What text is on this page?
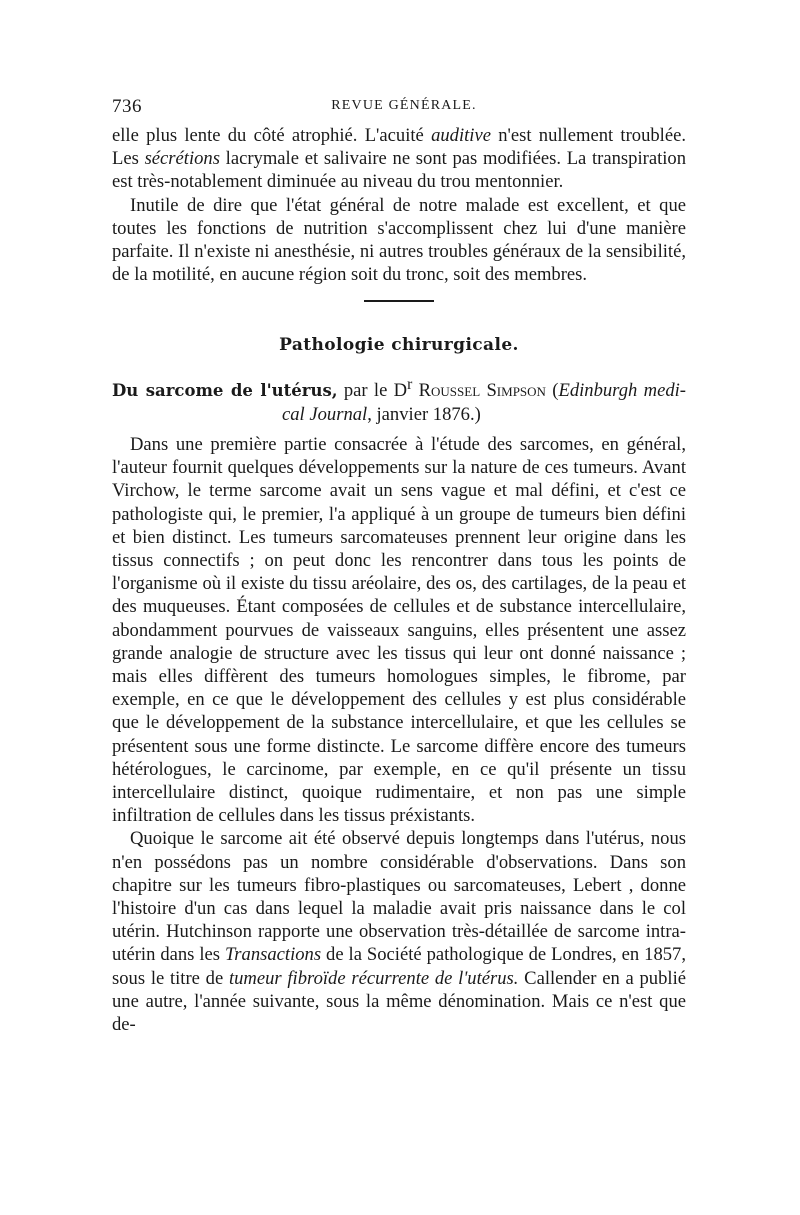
736	REVUE GÉNÉRALE.

elle plus lente du côté atrophié. L'acuité auditive n'est nullement troublée. Les sécrétions lacrymale et salivaire ne sont pas modifiées. La transpiration est très-notablement diminuée au niveau du trou mentonnier.

Inutile de dire que l'état général de notre malade est excellent, et que toutes les fonctions de nutrition s'accomplissent chez lui d'une manière parfaite. Il n'existe ni anesthésie, ni autres troubles généraux de la sensibilité, de la motilité, en aucune région soit du tronc, soit des membres.

Pathologie chirurgicale.
Du sarcome de l'utérus, par le $D^r$ Roussel Simpson (Edinburgh medi-
cal Journal, janvier 1876.)

Dans une première partie consacrée à l'étude des sarcomes, en général, l'auteur fournit quelques développements sur la nature de ces tumeurs. Avant Virchow, le terme sarcome avait un sens vague et mal défini, et c'est ce pathologiste qui, le premier, l'a appliqué à un groupe de tumeurs bien défini et bien distinct. Les tumeurs sarcomateuses prennent leur origine dans les tissus connectifs ; on peut donc les rencontrer dans tous les points de l'organisme où il existe du tissu aréolaire, des os, des cartilages, de la peau et des muqueuses. Étant composées de cellules et de substance intercellulaire, abondamment pourvues de vaisseaux sanguins, elles présentent une assez grande analogie de structure avec les tissus qui leur ont donné naissance ; mais elles diffèrent des tumeurs homologues simples, le fibrome, par exemple, en ce que le développement des cellules y est plus considérable que le développement de la substance intercellulaire, et que les cellules se présentent sous une forme distincte. Le sarcome diffère encore des tumeurs hétérologues, le carcinome, par exemple, en ce qu'il présente un tissu intercellulaire distinct, quoique rudimentaire, et non pas une simple infiltration de cellules dans les tissus préxistants.

Quoique le sarcome ait été observé depuis longtemps dans l'utérus, nous n'en possédons pas un nombre considérable d'observations. Dans son chapitre sur les tumeurs fibro-plastiques ou sarcomateuses, Lebert , donne l'histoire d'un cas dans lequel la maladie avait pris naissance dans le col utérin. Hutchinson rapporte une observation très-détaillée de sarcome intra-utérin dans les Transactions de la Société pathologique de Londres, en 1857, sous le titre de tumeur fibroïde récurrente de l'utérus. Callender en a publié une autre, l'année suivante, sous la même dénomination. Mais ce n'est que de-
